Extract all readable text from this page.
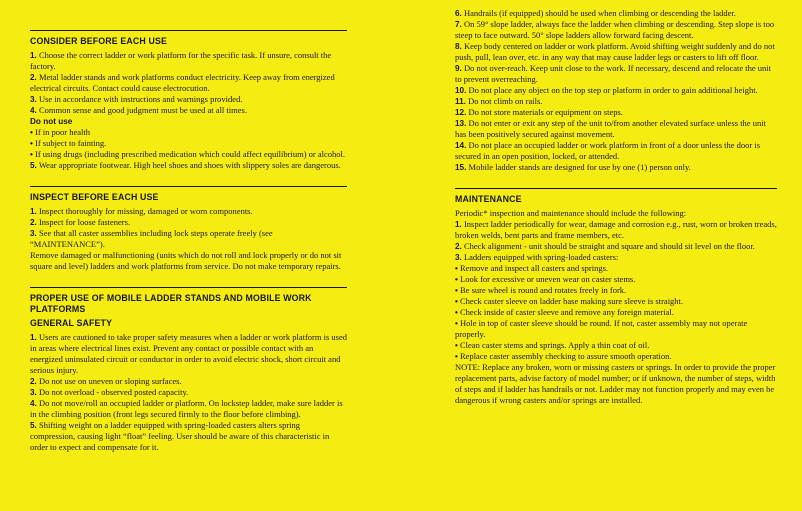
CONSIDER BEFORE EACH USE

1. Choose the correct ladder or work platform for the specific task. If unsure, consult the factory.

2. Metal ladder stands and work platforms conduct electricity. Keep away from energized electrical circuits. Contact could cause electrocution.

3. Use in accordance with instructions and warnings provided.

4. Common sense and good judgment must be used at all times.

Do not use

• If in poor health

• If subject to fainting.

• If using drugs (including prescribed medication which could affect equilibrium) or alcohol.

5. Wear appropriate footwear. High heel shoes and shoes with slippery soles are dangerous.

INSPECT BEFORE EACH USE

1. Inspect thoroughly for missing, damaged or worn components.

2. Inspect for loose fasteners.

3. See that all caster assemblies including lock steps operate freely (see “MAINTENANCE”).

Remove damaged or malfunctioning (units which do not roll and lock properly or do not sit square and level) ladders and work platforms from service. Do not make temporary repairs.

PROPER USE OF MOBILE LADDER STANDS AND MOBILE WORK PLATFORMS
GENERAL SAFETY

1. Users are cautioned to take proper safety measures when a ladder or work platform is used in areas where electrical lines exist. Prevent any contact or possible contact with an energized uninsulated circuit or conductor in order to avoid electric shock, short circuit and serious injury.

2. Do not use on uneven or sloping surfaces.

3. Do not overload - observed posted capacity.

4. Do not move/roll an occupied ladder or platform. On lockstep ladder, make sure ladder is in the climbing position (front legs secured firmly to the floor before climbing).

5. Shifting weight on a ladder equipped with spring-loaded casters alters spring compression, causing light “float” feeling. User should be aware of this characteristic in order to expect and compensate for it.

6. Handrails (if equipped) should be used when climbing or descending the ladder.

7. On 59° slope ladder, always face the ladder when climbing or descending. Step slope is too steep to face outward. 50° slope ladders allow forward facing descent.

8. Keep body centered on ladder or work platform. Avoid shifting weight suddenly and do not push, pull, lean over, etc. in any way that may cause ladder legs or casters to lift off floor.

9. Do not over-reach. Keep unit close to the work. If necessary, descend and relocate the unit to prevent overreaching.

10. Do not place any object on the top step or platform in order to gain additional height.

11. Do not climb on rails.

12. Do not store materials or equipment on steps.

13. Do not enter or exit any step of the unit to/from another elevated surface unless the unit has been positively secured against movement.

14. Do not place an occupied ladder or work platform in front of a door unless the door is secured in an open position, locked, or attended.

15. Mobile ladder stands are designed for use by one (1) person only.

MAINTENANCE

Periodic* inspection and maintenance should include the following:

1. Inspect ladder periodically for wear, damage and corrosion e.g., rust, worn or broken treads, broken welds, bent parts and frame members, etc.

2. Check alignment - unit should be straight and square and should sit level on the floor.

3. Ladders equipped with spring-loaded casters:

• Remove and inspect all casters and springs.

• Look for excessive or uneven wear on caster stems.

• Be sure wheel is round and rotates freely in fork.

• Check caster sleeve on ladder base making sure sleeve is straight.

• Check inside of caster sleeve and remove any foreign material.

• Hole in top of caster sleeve should be round. If not, caster assembly may not operate properly.

• Clean caster stems and springs. Apply a thin coat of oil.

• Replace caster assembly checking to assure smooth operation.

NOTE: Replace any broken, worn or missing casters or springs. In order to provide the proper replacement parts, advise factory of model number; or if unknown, the number of steps, width of steps and if ladder has handrails or not. Ladder may not function properly and may even be dangerous if wrong casters and/or springs are installed.
